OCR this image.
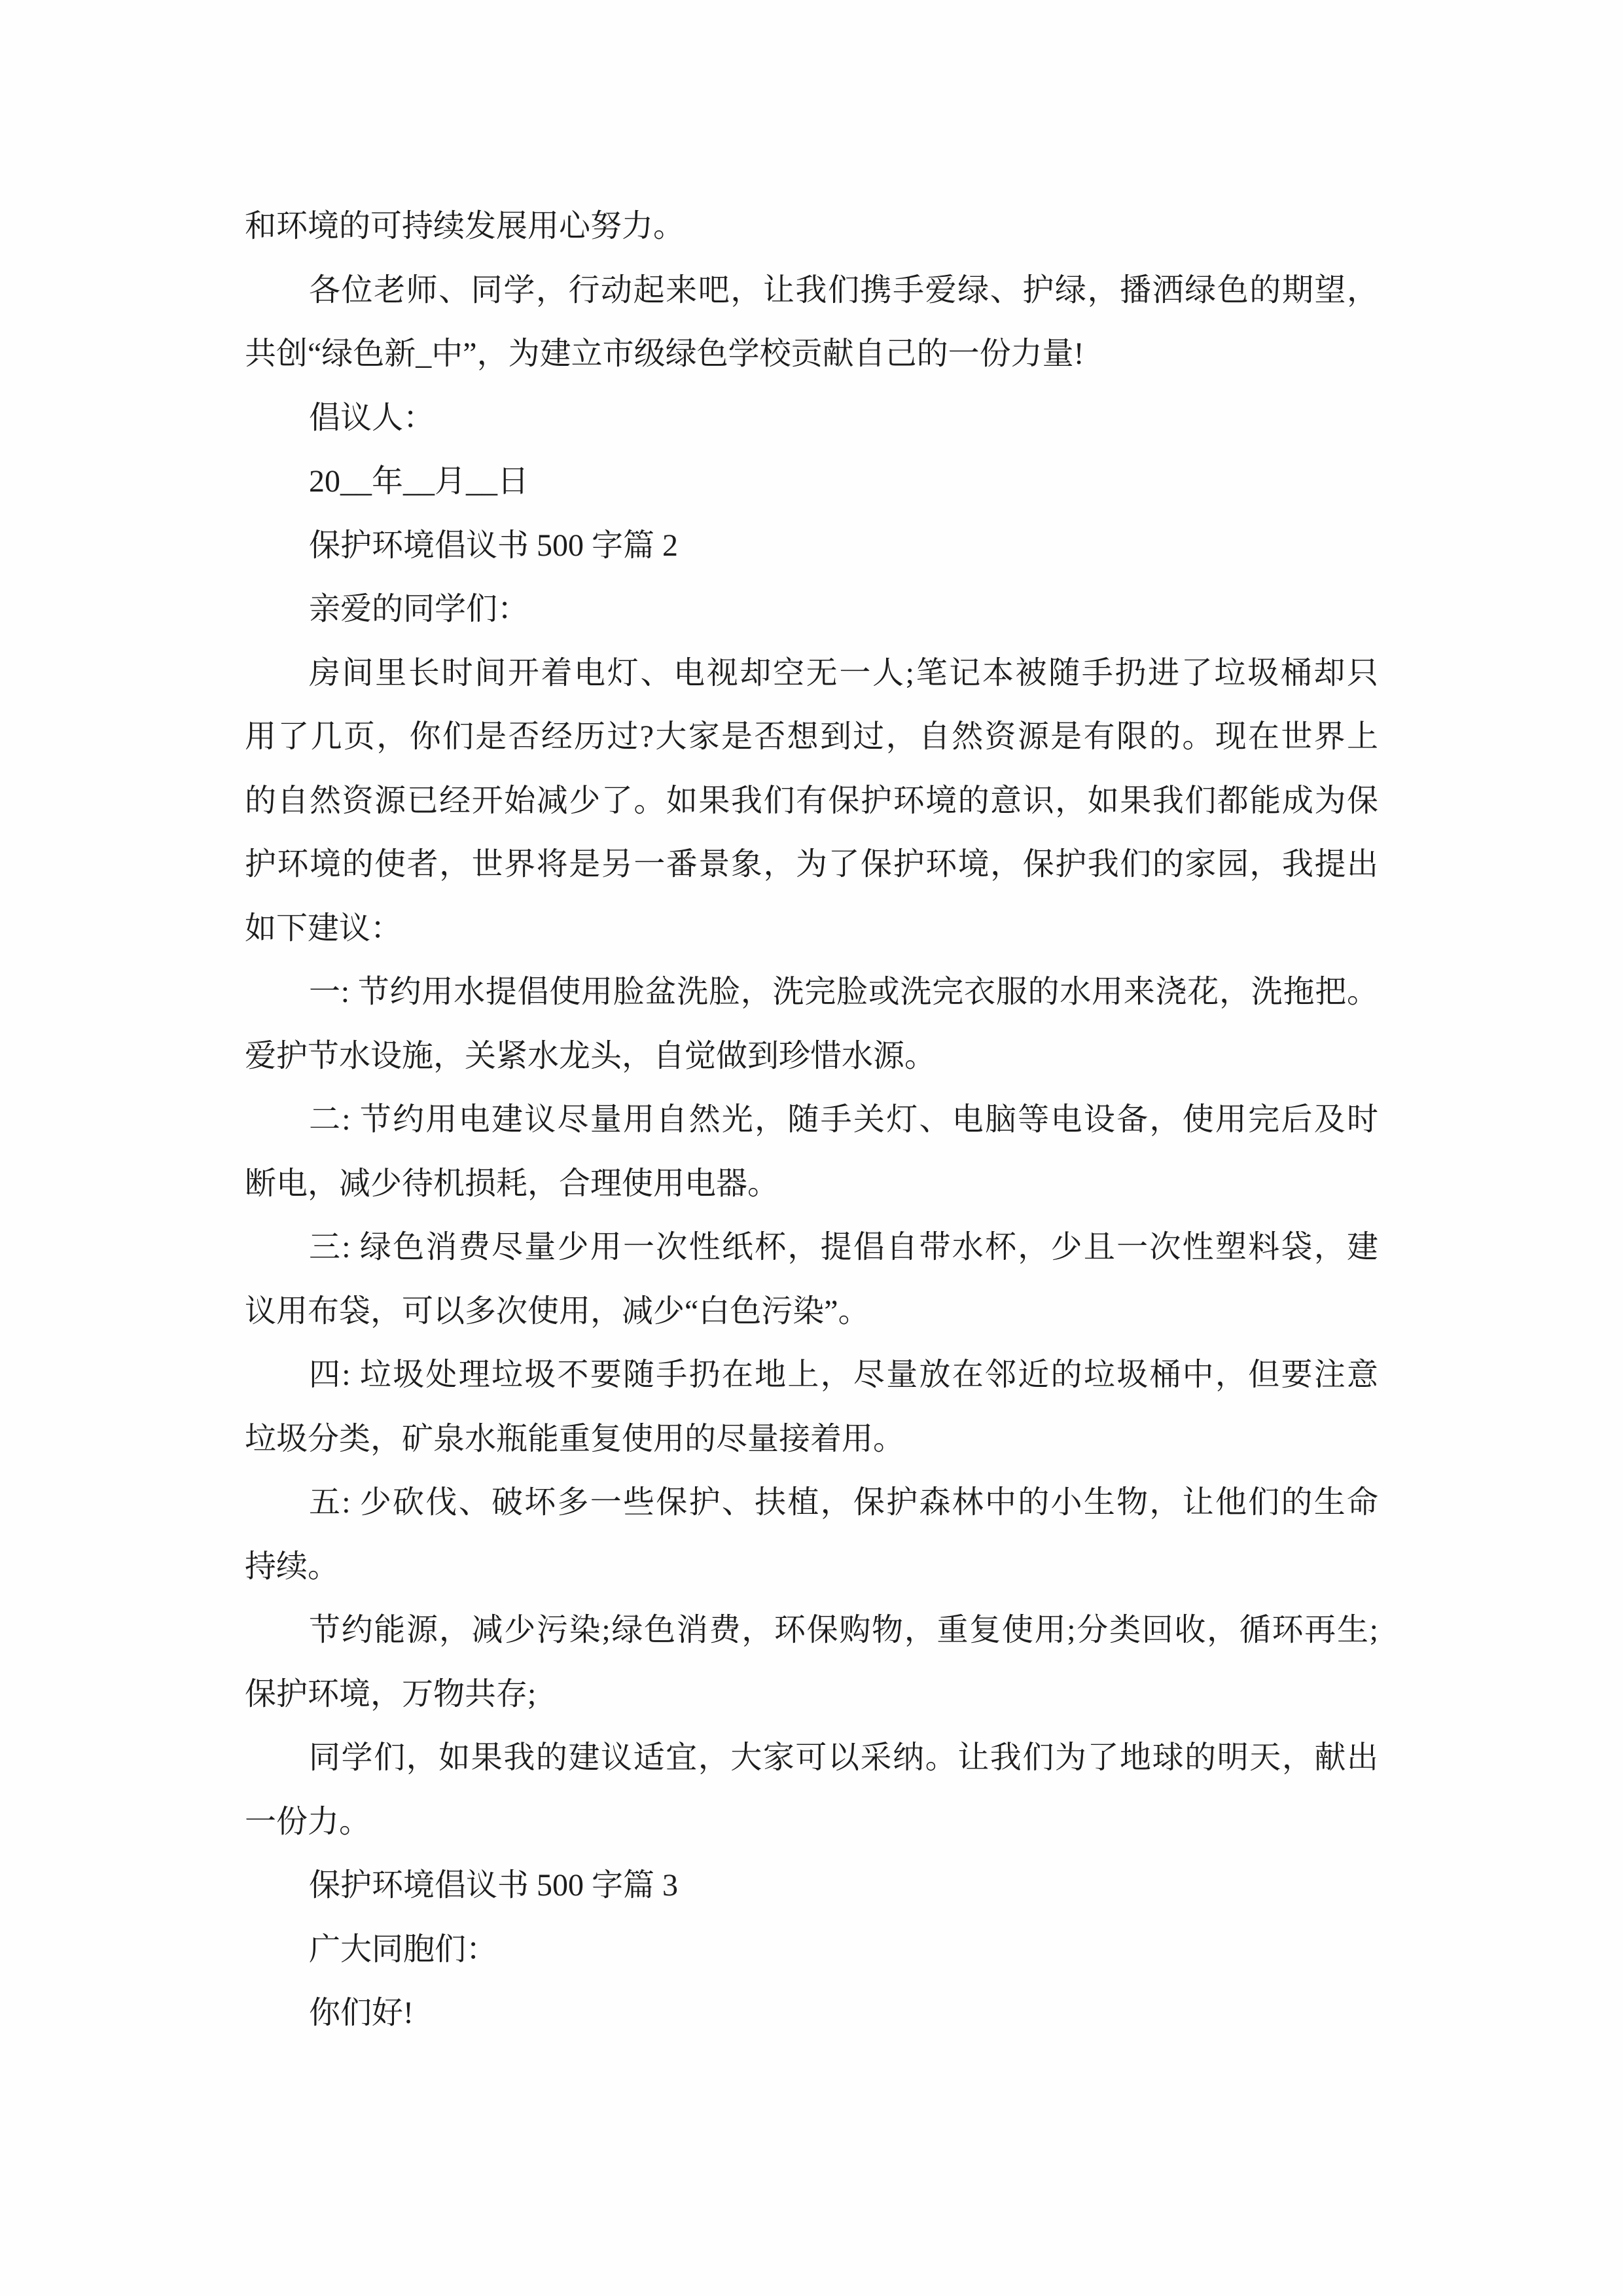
和环境的可持续发展用心努力。
各位老师、同学，行动起来吧，让我们携手爱绿、护绿，播洒绿色的期望，
共创“绿色新_中”，为建立市级绿色学校贡献自己的一份力量!
倡议人：
20__年__月__日
保护环境倡议书 500 字篇 2
亲爱的同学们：
房间里长时间开着电灯、电视却空无一人;笔记本被随手扔进了垃圾桶却只
用了几页，你们是否经历过?大家是否想到过，自然资源是有限的。现在世界上
的自然资源已经开始减少了。如果我们有保护环境的意识，如果我们都能成为保
护环境的使者，世界将是另一番景象，为了保护环境，保护我们的家园，我提出
如下建议：
一: 节约用水提倡使用脸盆洗脸，洗完脸或洗完衣服的水用来浇花，洗拖把。
爱护节水设施，关紧水龙头，自觉做到珍惜水源。
二: 节约用电建议尽量用自然光，随手关灯、电脑等电设备，使用完后及时
断电，减少待机损耗，合理使用电器。
三: 绿色消费尽量少用一次性纸杯，提倡自带水杯，少且一次性塑料袋，建
议用布袋，可以多次使用，减少“白色污染”。
四: 垃圾处理垃圾不要随手扔在地上，尽量放在邻近的垃圾桶中，但要注意
垃圾分类，矿泉水瓶能重复使用的尽量接着用。
五: 少砍伐、破坏多一些保护、扶植，保护森林中的小生物，让他们的生命
持续。
节约能源，减少污染;绿色消费，环保购物，重复使用;分类回收，循环再生;
保护环境，万物共存;
同学们，如果我的建议适宜，大家可以采纳。让我们为了地球的明天，献出
一份力。
保护环境倡议书 500 字篇 3
广大同胞们：
你们好!
